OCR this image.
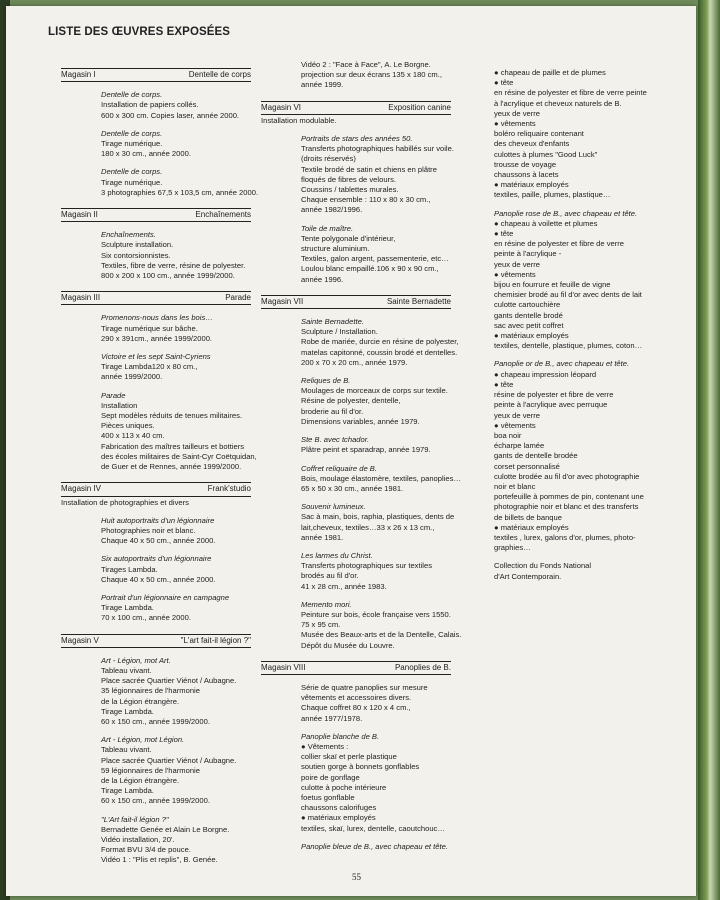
LISTE DES ŒUVRES EXPOSÉES
Magasin I	Dentelle de corps
Dentelle de corps.
Installation de papiers collés.
600 x 300 cm. Copies laser, année 2000.
Dentelle de corps.
Tirage numérique.
180 x 30 cm., année 2000.
Dentelle de corps.
Tirage numérique.
3 photographies 67,5 x 103,5 cm, année 2000.
Magasin II	Enchaînements
Enchaînements.
Sculpture installation.
Six contorsionnistes.
Textiles, fibre de verre, résine de polyester.
800 x 200 x 100 cm., année 1999/2000.
Magasin III	Parade
Promenons-nous dans les bois…
Tirage numérique sur bâche.
290 x 391cm., année 1999/2000.
Victoire et les sept Saint-Cyriens
Tirage Lambda120 x 80 cm.,
année 1999/2000.
Parade
Installation
Sept modèles réduits de tenues militaires.
Pièces uniques.
400 x 113 x 40 cm.
Fabrication des maîtres tailleurs et bottiers
des écoles militaires de Saint-Cyr Coëtquidan,
de Guer et de Rennes, année 1999/2000.
Magasin IV	Frank'studio
Installation de photographies et divers
Huit autoportraits d'un légionnaire
Photographies noir et blanc.
Chaque 40 x 50 cm., année 2000.
Six autoportraits d'un légionnaire
Tirages Lambda.
Chaque 40 x 50 cm., année 2000.
Portrait d'un légionnaire en campagne
Tirage Lambda.
70 x 100 cm., année 2000.
Magasin V	"L'art fait-il légion ?"
Art - Légion, mot Art.
Tableau vivant.
Place sacrée Quartier Viénot / Aubagne.
35 légionnaires de l'harmonie
de la Légion étrangère.
Tirage Lambda.
60 x 150 cm., année 1999/2000.
Art - Légion, mot Légion.
Tableau vivant.
Place sacrée Quartier Viénot / Aubagne.
59 légionnaires de l'harmonie
de la Légion étrangère.
Tirage Lambda.
60 x 150 cm., année 1999/2000.
"L'Art fait-il légion ?"
Bernadette Genée et Alain Le Borgne.
Vidéo installation, 20'.
Format BVU 3/4 de pouce.
Vidéo 1 : "Plis et replis", B. Genée.
Vidéo 2 : "Face à Face", A. Le Borgne.
projection sur deux écrans 135 x 180 cm.,
année 1999.
Magasin VI	Exposition canine
Installation modulable.
Portraits de stars des années 50.
Transferts photographiques habillés sur voile.
(droits réservés)
Textile brodé de satin et chiens en plâtre
floqués de fibres de velours.
Coussins / tablettes murales.
Chaque ensemble : 110 x 80 x 30 cm.,
année 1982/1996.
Toile de maître.
Tente polygonale d'intérieur,
structure aluminium.
Textiles, galon argent, passementerie, etc…
Loulou blanc empaillé.106 x 90 x 90 cm.,
année 1996.
Magasin VII	Sainte Bernadette
Sainte Bernadette.
Sculpture / Installation.
Robe de mariée, durcie en résine de polyester,
matelas capitonné, coussin brodé et dentelles.
200 x 70 x 20 cm., année 1979.
Reliques de B.
Moulages de morceaux de corps sur textile.
Résine de polyester, dentelle,
broderie au fil d'or.
Dimensions variables, année 1979.
Ste B. avec tchador.
Plâtre peint et sparadrap, année 1979.
Coffret reliquaire de B.
Bois, moulage élastomère, textiles, panoplies…
65 x 50 x 30 cm., année 1981.
Souvenir lumineux.
Sac à main, bois, raphia, plastiques, dents de
lait,cheveux, textiles…33 x 26 x 13 cm.,
année 1981.
Les larmes du Christ.
Transferts photographiques sur textiles
brodés au fil d'or.
41 x 28 cm., année 1983.
Memento mori.
Peinture sur bois, école française vers 1550.
75 x 95 cm.
Musée des Beaux-arts et de la Dentelle, Calais.
Dépôt du Musée du Louvre.
Magasin VIII	Panoplies de B.
Série de quatre panoplies sur mesure
vêtements et accessoires divers.
Chaque coffret 80 x 120 x 4 cm.,
année 1977/1978.
Panoplie blanche de B.
● Vêtements :
collier skaï et perle plastique
soutien gorge à bonnets gonflables
poire de gonflage
culotte à poche intérieure
foetus gonflable
chaussons calorifuges
● matériaux employés
textiles, skaï, lurex, dentelle, caoutchouc…
Panoplie bleue de B., avec chapeau et tête.
● chapeau de paille et de plumes
● tête
en résine de polyester et fibre de verre peinte
à l'acrylique et cheveux naturels de B.
yeux de verre
● vêtements
boléro reliquaire contenant
des cheveux d'enfants
culottes à plumes "Good Luck"
trousse de voyage
chaussons à lacets
● matériaux employés
textiles, paille, plumes, plastique…
Panoplie rose de B., avec chapeau et tête.
● chapeau à voilette et plumes
● tête
en résine de polyester et fibre de verre
peinte à l'acrylique -
yeux de verre
● vêtements
bijou en fourrure et feuille de vigne
chemisier brodé au fil d'or avec dents de lait
culotte cartouchière
gants dentelle brodé
sac avec petit coffret
● matériaux employés
textiles, dentelle, plastique, plumes, coton…
Panoplie or de B., avec chapeau et tête.
● chapeau impression léopard
● tête
résine de polyester et fibre de verre
peinte à l'acrylique avec perruque
yeux de verre
● vêtements
boa noir
écharpe lamée
gants de dentelle brodée
corset personnalisé
culotte brodée au fil d'or avec photographie
noir et blanc
portefeuille à pommes de pin, contenant une
photographie noir et blanc et des transferts
de billets de banque
● matériaux employés
textiles , lurex, galons d'or, plumes, photo-
graphies…
Collection du Fonds National
d'Art Contemporain.
55
